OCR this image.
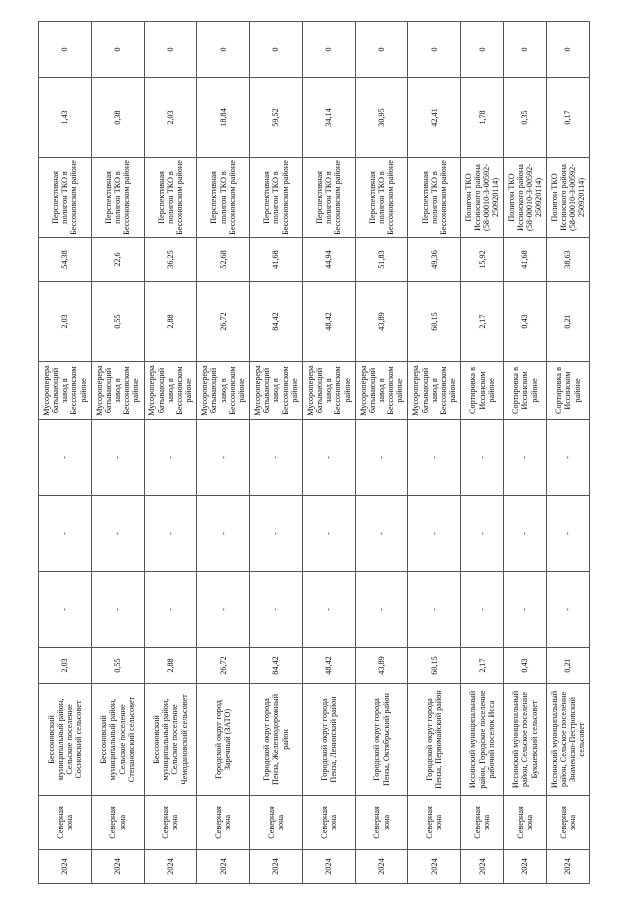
2024	Северная зона	Бессоновский муниципальный район, Сельское поселение Сосновский сельсовет	2,03	-	-	-	Мусороперерабатывающий завод в Бессоновском районе	2,03	54,38	Перспективная полигон ТКО в Бессоновском районе	1,43	0
2024	Северная зона	Бессоновский муниципальный район, Сельское поселение Степановский сельсовет	0,55	-	-	-	Мусороперерабатывающий завод в Бессоновском районе	0,55	22,6	Перспективная полигон ТКО в Бессоновском районе	0,38	0
2024	Северная зона	Бессоновский муниципальный район, Сельское поселение Чемодановский сельсовет	2,88	-	-	-	Мусороперерабатывающий завод в Бессоновском районе	2,88	36,25	Перспективная полигон ТКО в Бессоновском районе	2,03	0
2024	Северная зона	Городской округ город Заречный (ЗАТО)	26,72	-	-	-	Мусороперерабатывающий завод в Бессоновском районе	26,72	52,68	Перспективная полигон ТКО в Бессоновском районе	18,84	0
2024	Северная зона	Городской округ города Пенза, Железнодорожный район	84,42	-	-	-	Мусороперерабатывающий завод в Бессоновском районе	84,42	41,68	Перспективная полигон ТКО в Бессоновском районе	59,52	0
2024	Северная зона	Городской округ города Пенза, Ленинский район	48,42	-	-	-	Мусороперерабатывающий завод в Бессоновском районе	48,42	44,94	Перспективная полигон ТКО в Бессоновском районе	34,14	0
2024	Северная зона	Городской округ города Пенза, Октябрьский район	43,89	-	-	-	Мусороперерабатывающий завод в Бессоновском районе	43,89	51,83	Перспективная полигон ТКО в Бессоновском районе	30,95	0
2024	Северная зона	Городской округ города Пенза, Первомайский район	60,15	-	-	-	Мусороперерабатывающий завод в Бессоновском районе	60,15	49,36	Перспективная полигон ТКО в Бессоновском районе	42,41	0
2024	Северная зона	Иссинский муниципальный район, Городское поселение рабочий поселок Исса	2,17	-	-	-	Сортировка в Иссинском районе	2,17	15,92	Полигон ТКО Иссинского района (58-00010-З-00592-250920114)	1,78	0
2024	Северная зона	Иссинский муниципальный район, Сельское поселение Букыевский сельсовет	0,43	-	-	-	Сортировка в Иссинском районе	0,43	41,68	Полигон ТКО Иссинского района (58-00010-З-00592-250920114)	0,35	0
2024	Северная зона	Иссинский муниципальный район, Сельское поселение Знаменско-Пестровский сельсовет	0,21	-	-	-	Сортировка в Иссинском районе	0,21	38,63	Полигон ТКО Иссинского района (58-00010-З-00592-250920114)	0,17	0
